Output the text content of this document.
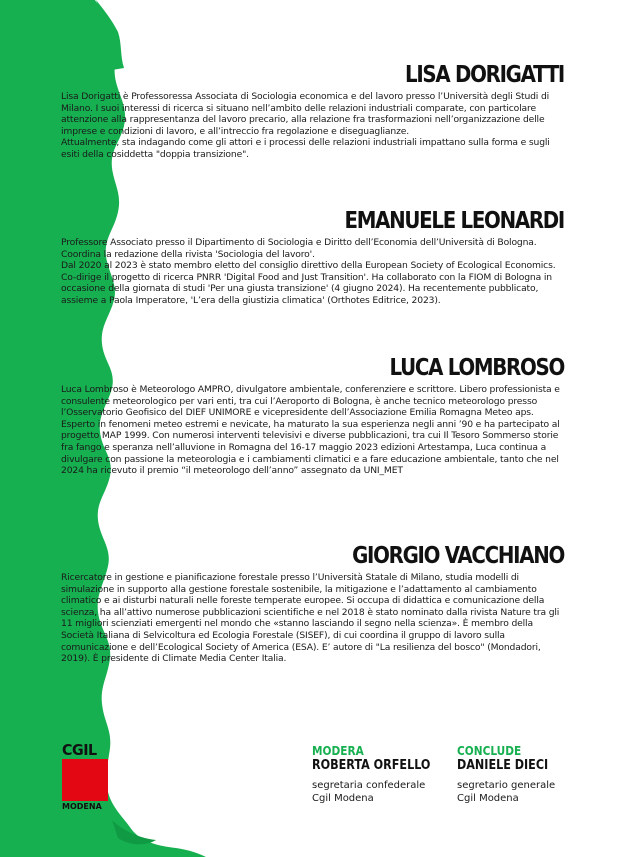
LISA DORIGATTI

Lisa Dorigatti è Professoressa Associata di Sociologia economica e del lavoro presso l’Università degli Studi di Milano. I suoi interessi di ricerca si situano nell’ambito delle relazioni industriali comparate, con particolare attenzione alla rappresentanza del lavoro precario, alla relazione fra trasformazioni nell’organizzazione delle imprese e condizioni di lavoro, e all’intreccio fra regolazione e diseguaglianze.

Attualmente, sta indagando come gli attori e i processi delle relazioni industriali impattano sulla forma e sugli esiti della cosiddetta "doppia transizione".

EMANUELE LEONARDI

Professore Associato presso il Dipartimento di Sociologia e Diritto dell’Economia dell’Università di Bologna. Coordina la redazione della rivista 'Sociologia del lavoro'.

Dal 2020 al 2023 è stato membro eletto del consiglio direttivo della European Society of Ecological Economics. Co-dirige il progetto di ricerca PNRR 'Digital Food and Just Transition'. Ha collaborato con la FIOM di Bologna in occasione della giornata di studi 'Per una giusta transizione' (4 giugno 2024). Ha recentemente pubblicato, assieme a Paola Imperatore, 'L’era della giustizia climatica' (Orthotes Editrice, 2023).

LUCA LOMBROSO

Luca Lombroso è Meteorologo AMPRO, divulgatore ambientale, conferenziere e scrittore. Libero professionista e consulente meteorologico per vari enti, tra cui l’Aeroporto di Bologna, è anche tecnico meteorologo presso l’Osservatorio Geofisico del DIEF UNIMORE e vicepresidente dell’Associazione Emilia Romagna Meteo aps. Esperto in fenomeni meteo estremi e nevicate, ha maturato la sua esperienza negli anni ’90 e ha partecipato al progetto MAP 1999. Con numerosi interventi televisivi e diverse pubblicazioni, tra cui Il Tesoro Sommerso storie fra fango e speranza nell’alluvione in Romagna del 16-17 maggio 2023 edizioni Artestampa, Luca continua a divulgare con passione la meteorologia e i cambiamenti climatici e a fare educazione ambientale, tanto che nel 2024 ha ricevuto il premio “il meteorologo dell’anno” assegnato da UNI_MET

GIORGIO VACCHIANO

Ricercatore in gestione e pianificazione forestale presso l’Università Statale di Milano, studia modelli di simulazione in supporto alla gestione forestale sostenibile, la mitigazione e l’adattamento al cambiamento climatico e ai disturbi naturali nelle foreste temperate europee. Si occupa di didattica e comunicazione della scienza, ha all’attivo numerose pubblicazioni scientifiche e nel 2018 è stato nominato dalla rivista Nature tra gli 11 migliori scienziati emergenti nel mondo che «stanno lasciando il segno nella scienza». È membro della Società Italiana di Selvicoltura ed Ecologia Forestale (SISEF), di cui coordina il gruppo di lavoro sulla comunicazione e dell’Ecological Society of America (ESA). E’ autore di "La resilienza del bosco" (Mondadori, 2019). È presidente di Climate Media Center Italia.

CGIL
MODENA
MODERA
ROBERTA ORFELLO
segretaria confederale
Cgil Modena
CONCLUDE
DANIELE DIECI
segretario generale
Cgil Modena
